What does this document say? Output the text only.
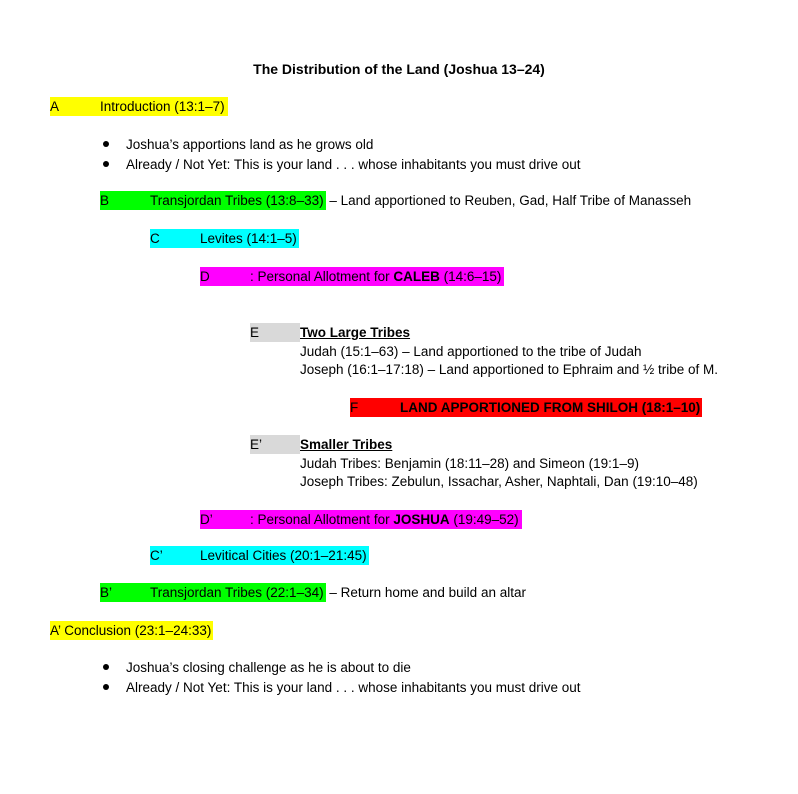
The Distribution of the Land (Joshua 13–24)
A	Introduction (13:1–7)
Joshua’s apportions land as he grows old
Already / Not Yet: This is your land . . . whose inhabitants you must drive out
B	Transjordan Tribes (13:8–33) – Land apportioned to Reuben, Gad, Half Tribe of Manasseh
C	Levites (14:1–5)
D	: Personal Allotment for CALEB (14:6–15)
E	Two Large Tribes
Judah (15:1–63) – Land apportioned to the tribe of Judah
Joseph (16:1–17:18) – Land apportioned to Ephraim and ½ tribe of M.
F	LAND APPORTIONED FROM SHILOH (18:1–10)
E’	Smaller Tribes
Judah Tribes: Benjamin (18:11–28) and Simeon (19:1–9)
Joseph Tribes: Zebulun, Issachar, Asher, Naphtali, Dan (19:10–48)
D’	: Personal Allotment for JOSHUA (19:49–52)
C’	Levitical Cities (20:1–21:45)
B’	Transjordan Tribes (22:1–34) – Return home and build an altar
A’ Conclusion (23:1–24:33)
Joshua’s closing challenge as he is about to die
Already / Not Yet: This is your land . . . whose inhabitants you must drive out
